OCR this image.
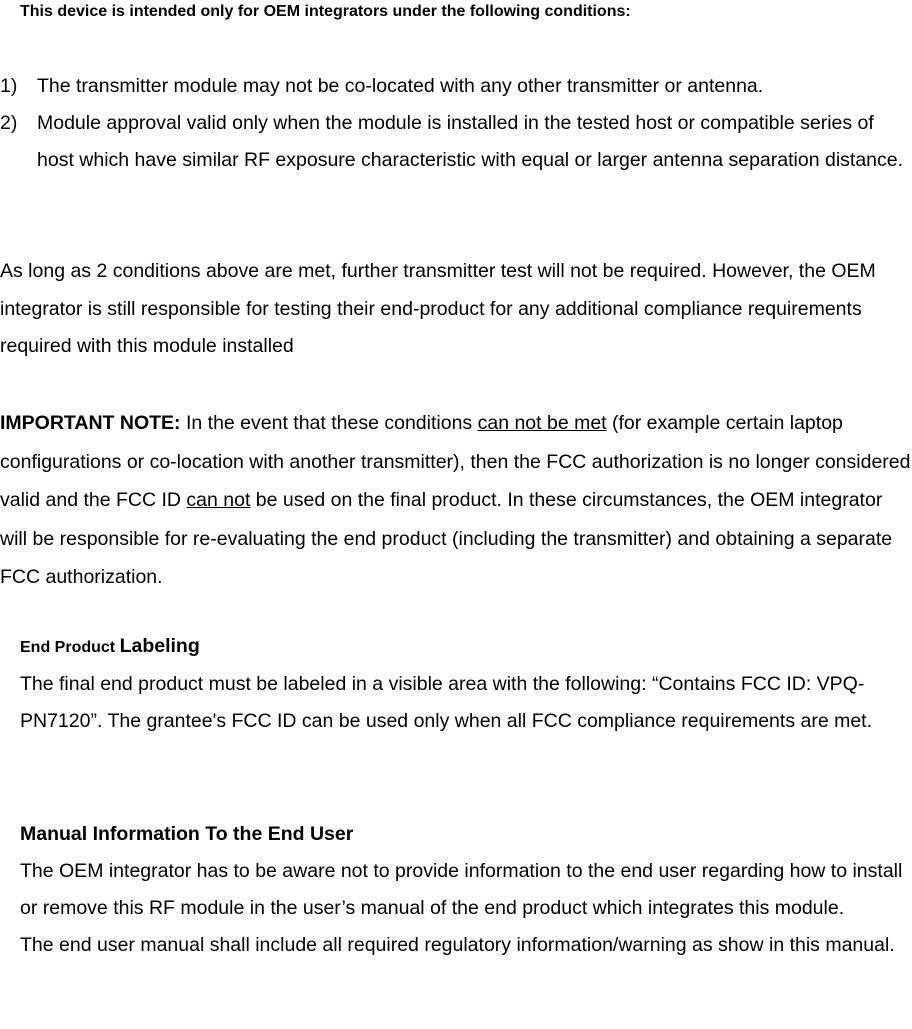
This device is intended only for OEM integrators under the following conditions:
1)	The transmitter module may not be co-located with any other transmitter or antenna.
2)	Module approval valid only when the module is installed in the tested host or compatible series of host which have similar RF exposure characteristic with equal or larger antenna separation distance.
As long as 2 conditions above are met, further transmitter test will not be required. However, the OEM integrator is still responsible for testing their end-product for any additional compliance requirements required with this module installed
IMPORTANT NOTE: In the event that these conditions can not be met (for example certain laptop configurations or co-location with another transmitter), then the FCC authorization is no longer considered valid and the FCC ID can not be used on the final product. In these circumstances, the OEM integrator will be responsible for re-evaluating the end product (including the transmitter) and obtaining a separate FCC authorization.
End Product Labeling
The final end product must be labeled in a visible area with the following: “Contains FCC ID: VPQ-PN7120”. The grantee's FCC ID can be used only when all FCC compliance requirements are met.
Manual Information To the End User
The OEM integrator has to be aware not to provide information to the end user regarding how to install or remove this RF module in the user’s manual of the end product which integrates this module.
The end user manual shall include all required regulatory information/warning as show in this manual.
